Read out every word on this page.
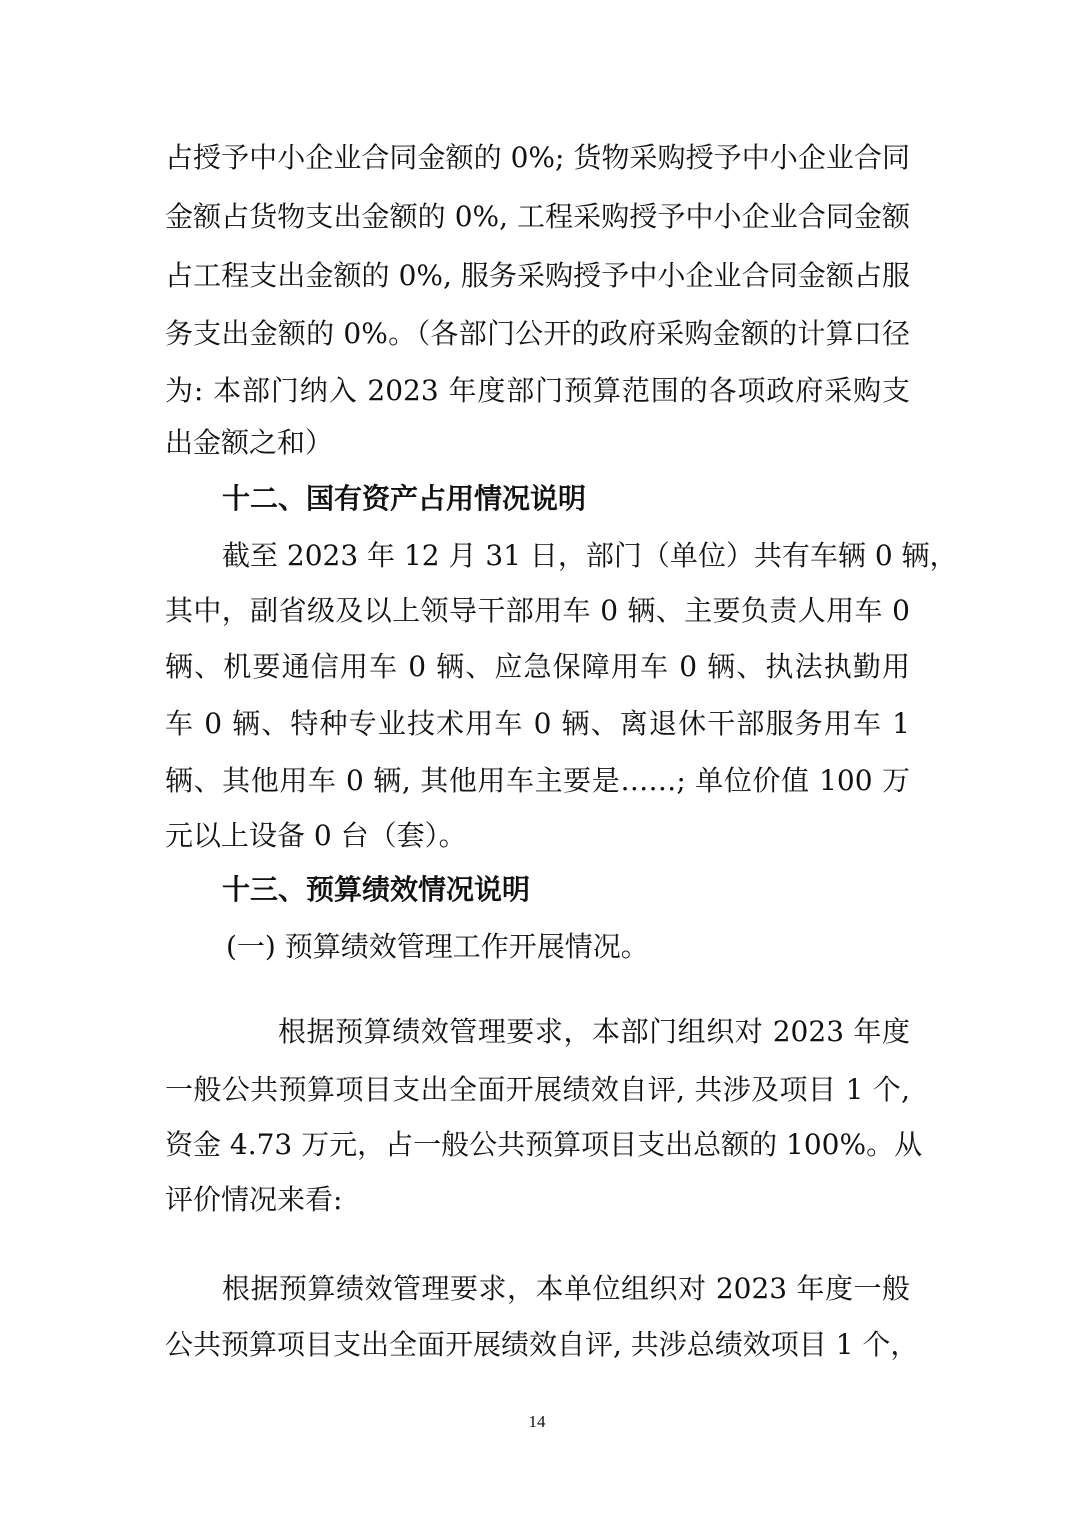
占授予中小企业合同金额的 0%; 货物采购授予中小企业合同
金额占货物支出金额的 0%, 工程采购授予中小企业合同金额
占工程支出金额的 0%, 服务采购授予中小企业合同金额占服
务支出金额的 0%。（各部门公开的政府采购金额的计算口径
为: 本部门纳入 2023 年度部门预算范围的各项政府采购支
出金额之和）
十二、国有资产占用情况说明
截至 2023 年 12 月 31 日，部门（单位）共有车辆 0 辆，
其中，副省级及以上领导干部用车 0 辆、主要负责人用车 0
辆、机要通信用车 0 辆、应急保障用车 0 辆、执法执勤用
车 0 辆、特种专业技术用车 0 辆、离退休干部服务用车 1
辆、其他用车 0 辆, 其他用车主要是……; 单位价值 100 万
元以上设备 0 台（套）。
十三、预算绩效情况说明
(一) 预算绩效管理工作开展情况。
根据预算绩效管理要求，本部门组织对 2023 年度
一般公共预算项目支出全面开展绩效自评, 共涉及项目 1 个,
资金 4.73 万元，占一般公共预算项目支出总额的 100%。从
评价情况来看:
根据预算绩效管理要求，本单位组织对 2023 年度一般
公共预算项目支出全面开展绩效自评, 共涉总绩效项目 1 个，
14
